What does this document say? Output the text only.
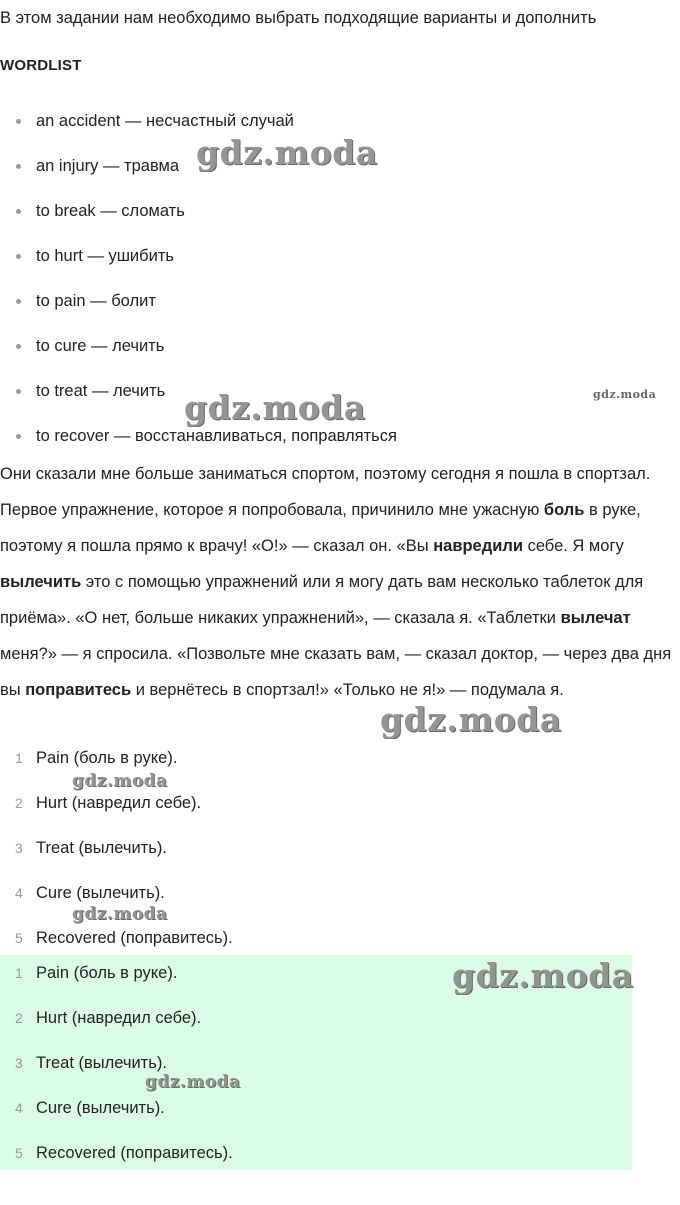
В этом задании нам необходимо выбрать подходящие варианты и дополнить
WORDLIST
an accident — несчастный случай
an injury — травма
to break — сломать
to hurt — ушибить
to pain — болит
to cure — лечить
to treat — лечить
to recover — восстанавливаться, поправляться

Они сказали мне больше заниматься спортом, поэтому сегодня я пошла в спортзал. Первое упражнение, которое я попробовала, причинило мне ужасную боль в руке, поэтому я пошла прямо к врачу! «О!» — сказал он. «Вы навредили себе. Я могу вылечить это с помощью упражнений или я могу дать вам несколько таблеток для приёма». «О нет, больше никаких упражнений», — сказала я. «Таблетки вылечат меня?» — я спросила. «Позвольте мне сказать вам, — сказал доктор, — через два дня вы поправитесь и вернётесь в спортзал!» «Только не я!» — подумала я.

1 Pain (боль в руке).
2 Hurt (навредил себе).
3 Treat (вылечить).
4 Cure (вылечить).
5 Recovered (поправитесь).
1 Pain (боль в руке).
2 Hurt (навредил себе).
3 Treat (вылечить).
4 Cure (вылечить).
5 Recovered (поправитесь).
gdz.moda
gdz.moda	gdz.moda
gdz.moda
gdz.moda
gdz.moda
gdz.moda
gdz.moda
